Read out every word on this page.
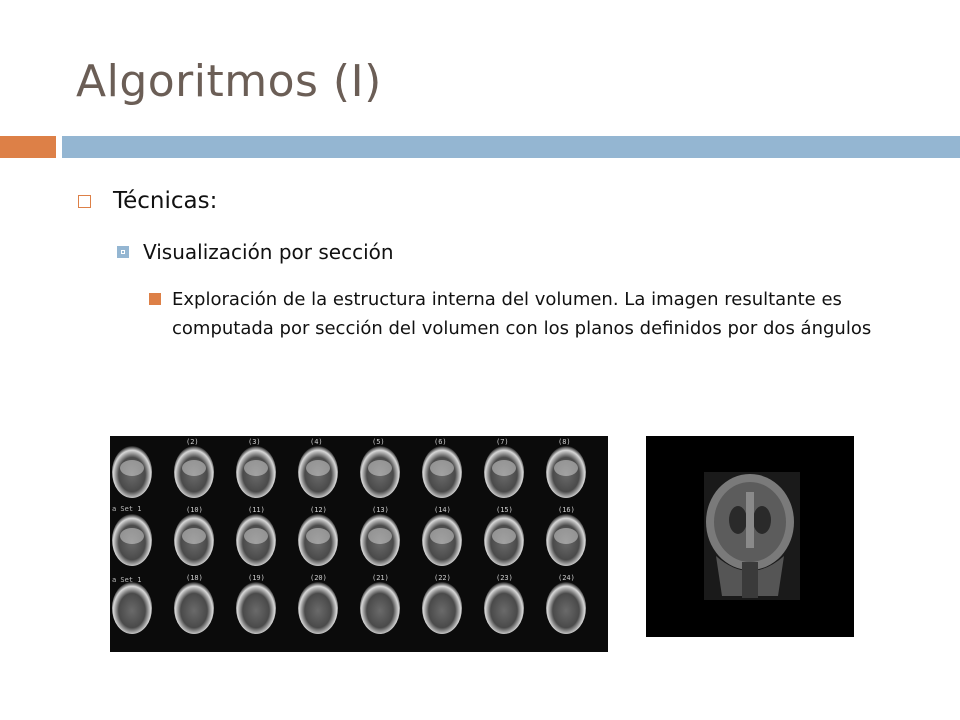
Algoritmos (I)
Técnicas:
Visualización por sección
Exploración de la estructura interna del volumen. La imagen resultante es computada por sección del volumen con los planos definidos por dos ángulos
(2)	(3)	(4)	(5)	(6)	(7)	(8)
(10)	(11)	(12)	(13)	(14)	(15)	(16)
(18)	(19)	(20)	(21)	(22)	(23)	(24)
a Set 1
a Set 1
